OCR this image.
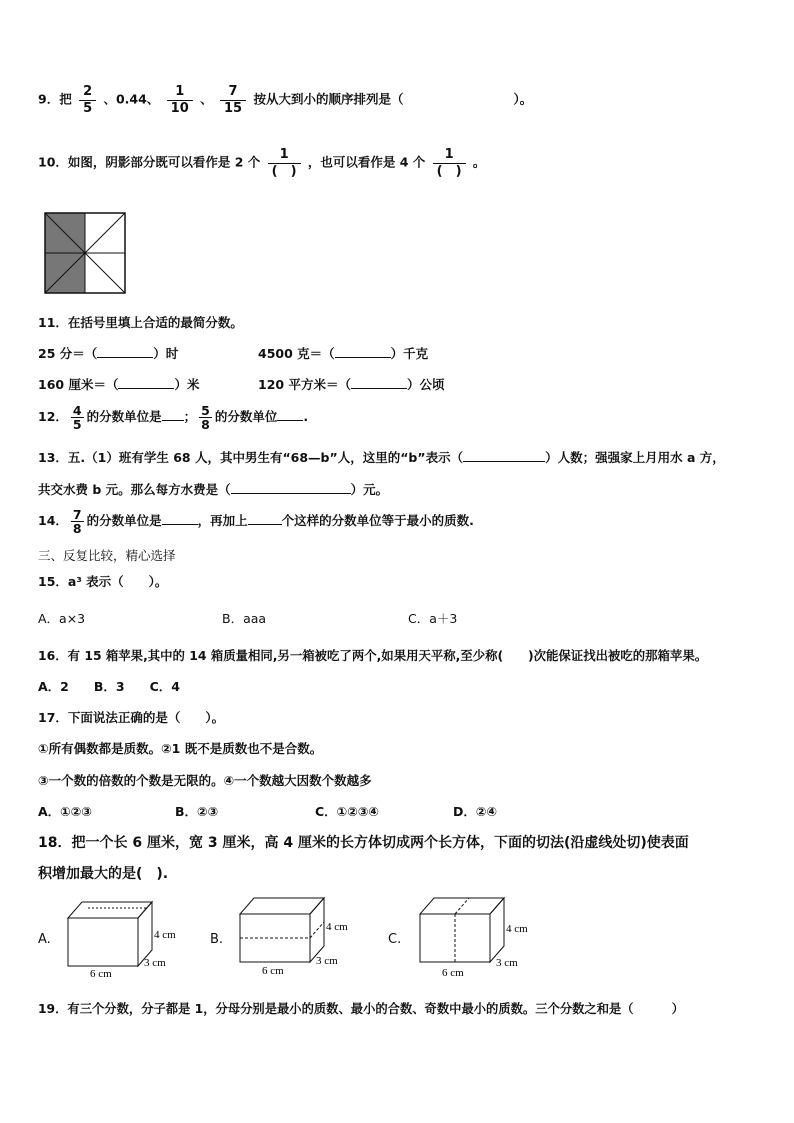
9．把 $\frac{2}{5}$ 、0.44、 $\frac{1}{10}$ 、 $\frac{7}{15}$ 按从大到小的顺序排列是（	）。
10．如图，阴影部分既可以看作是 2 个 $\frac{1}{( )}$ ，也可以看作是 4 个 $\frac{1}{( )}$ 。
11．在括号里填上合适的最简分数。
25 分＝（	）时	4500 克＝（	）千克
160 厘米＝（	）米	120 平方米＝（	）公顷
12． $\frac{4}{5}$ 的分数单位是 ； $\frac{5}{8}$ 的分数单位 .
13．五.（1）班有学生 68 人，其中男生有“68—b”人，这里的“b”表示（	）人数；强强家上月用水 a 方，
共交水费 b 元。那么每方水费是（	）元。
14． $\frac{7}{8}$ 的分数单位是	，再加上	个这样的分数单位等于最小的质数.
三、反复比较，精心选择
15．a³ 表示（　　）。
A．a×3	B．aaa	C．a＋3
16．有 15 箱苹果,其中的 14 箱质量相同,另一箱被吃了两个,如果用天平称,至少称(　　)次能保证找出被吃的那箱苹果。
A．2　　B．3　　C．4
17．下面说法正确的是（　　）。
①所有偶数都是质数。②1 既不是质数也不是合数。
③一个数的倍数的个数是无限的。④一个数越大因数个数越多
A．①②③	B．②③	C．①②③④	D．②④
18．把一个长 6 厘米，宽 3 厘米，高 4 厘米的长方体切成两个长方体，下面的切法(沿虚线处切)使表面
积增加最大的是(　).
A.	4 cm
3 cm
6 cm
B.
4 cm
3 cm
6 cm
C.
4 cm
3 cm
6 cm
19．有三个分数，分子都是 1，分母分别是最小的质数、最小的合数、奇数中最小的质数。三个分数之和是（	）
